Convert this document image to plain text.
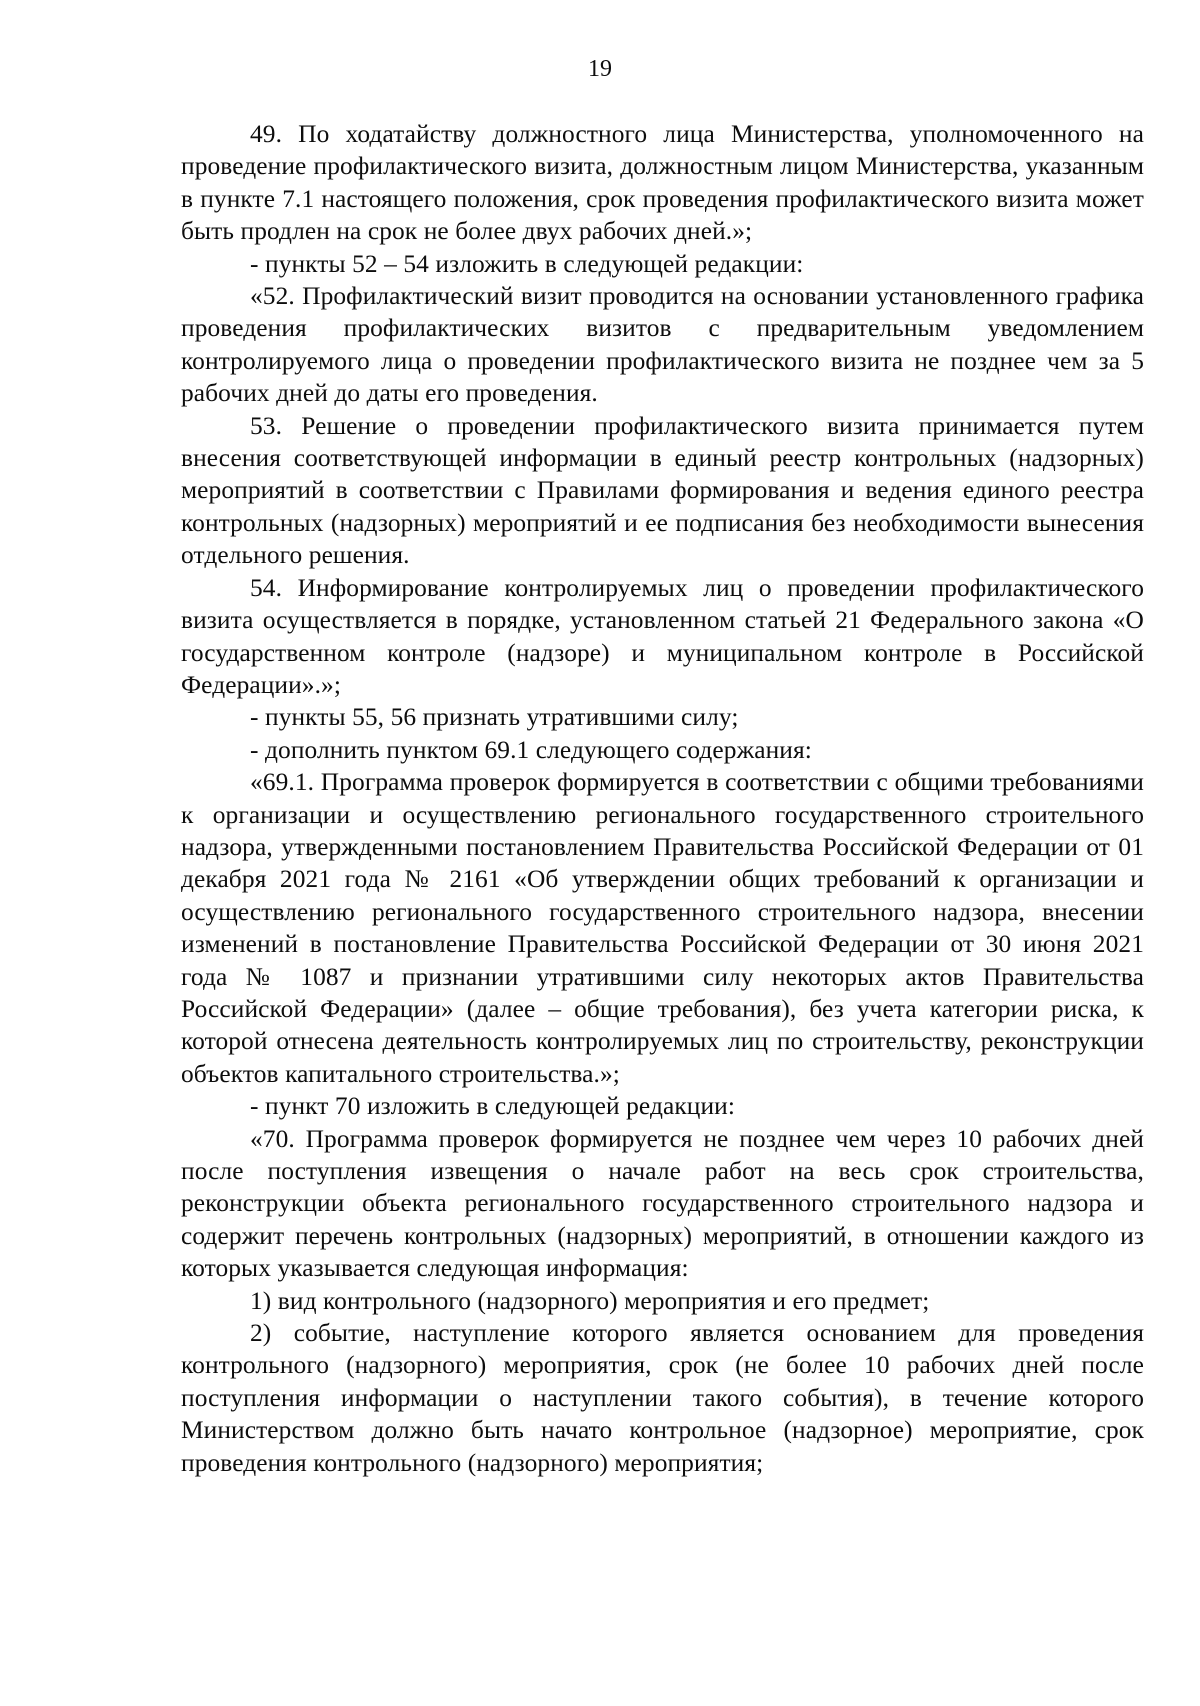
19

49. По ходатайству должностного лица Министерства, уполномоченного на проведение профилактического визита, должностным лицом Министерства, указанным в пункте 7.1 настоящего положения, срок проведения профилактического визита может быть продлен на срок не более двух рабочих дней.»;

- пункты 52 – 54 изложить в следующей редакции:

«52. Профилактический визит проводится на основании установленного графика проведения профилактических визитов с предварительным уведомлением контролируемого лица о проведении профилактического визита не позднее чем за 5 рабочих дней до даты его проведения.

53. Решение о проведении профилактического визита принимается путем внесения соответствующей информации в единый реестр контрольных (надзорных) мероприятий в соответствии с Правилами формирования и ведения единого реестра контрольных (надзорных) мероприятий и ее подписания без необходимости вынесения отдельного решения.

54. Информирование контролируемых лиц о проведении профилактического визита осуществляется в порядке, установленном статьей 21 Федерального закона «О государственном контроле (надзоре) и муниципальном контроле в Российской Федерации».»;

- пункты 55, 56 признать утратившими силу;

- дополнить пунктом 69.1 следующего содержания:

«69.1. Программа проверок формируется в соответствии с общими требованиями к организации и осуществлению регионального государственного строительного надзора, утвержденными постановлением Правительства Российской Федерации от 01 декабря 2021 года № 2161 «Об утверждении общих требований к организации и осуществлению регионального государственного строительного надзора, внесении изменений в постановление Правительства Российской Федерации от 30 июня 2021 года № 1087 и признании утратившими силу некоторых актов Правительства Российской Федерации» (далее – общие требования), без учета категории риска, к которой отнесена деятельность контролируемых лиц по строительству, реконструкции объектов капитального строительства.»;

- пункт 70 изложить в следующей редакции:

«70. Программа проверок формируется не позднее чем через 10 рабочих дней после поступления извещения о начале работ на весь срок строительства, реконструкции объекта регионального государственного строительного надзора и содержит перечень контрольных (надзорных) мероприятий, в отношении каждого из которых указывается следующая информация:

1) вид контрольного (надзорного) мероприятия и его предмет;

2) событие, наступление которого является основанием для проведения контрольного (надзорного) мероприятия, срок (не более 10 рабочих дней после поступления информации о наступлении такого события), в течение которого Министерством должно быть начато контрольное (надзорное) мероприятие, срок проведения контрольного (надзорного) мероприятия;
